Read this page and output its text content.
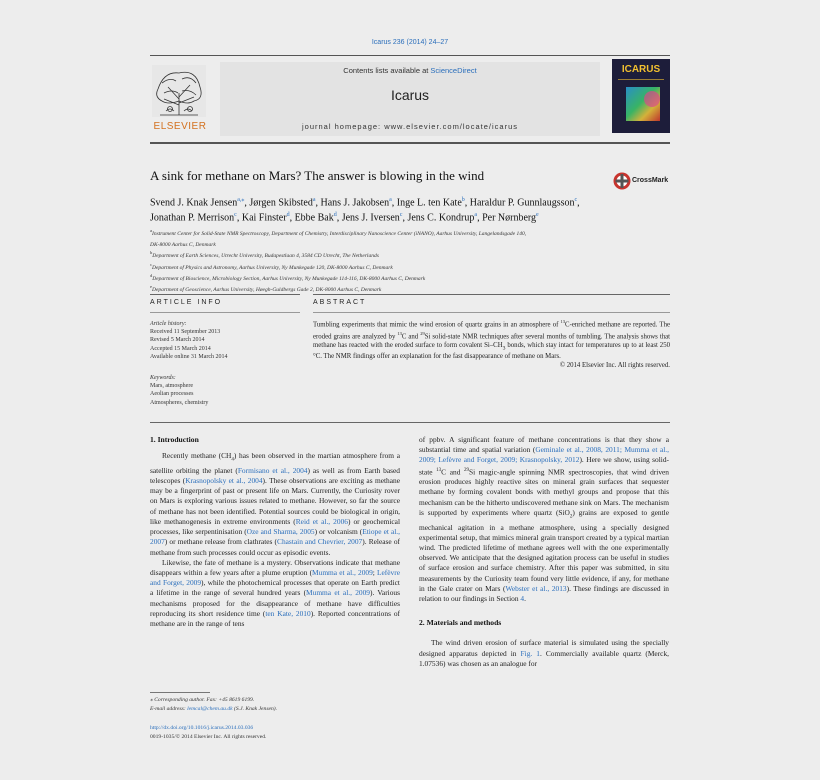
Icarus 236 (2014) 24–27
ELSEVIER
Contents lists available at ScienceDirect
Icarus
journal homepage: www.elsevier.com/locate/icarus
ICARUS
A sink for methane on Mars? The answer is blowing in the wind	CrossMark
Svend J. Knak Jensen$^{a,⁎}$, Jørgen Skibsted$^a$, Hans J. Jakobsen$^a$, Inge L. ten Kate$^b$, Haraldur P. Gunnlaugsson$^c$,
Jonathan P. Merrison$^c$, Kai Finster$^d$, Ebbe Bak$^d$, Jens J. Iversen$^c$, Jens C. Kondrup$^a$, Per Nørnberg$^e$
$^a$Instrument Center for Solid-State NMR Spectroscopy, Department of Chemistry, Interdisciplinary Nanoscience Center (iNANO), Aarhus University, Langelandsgade 140,
DK-8000 Aarhus C, Denmark
$^b$Department of Earth Sciences, Utrecht University, Budapestlaan 4, 3584 CD Utrecht, The Netherlands
$^c$Department of Physics and Astronomy, Aarhus University, Ny Munkegade 120, DK-8000 Aarhus C, Denmark
$^d$Department of Bioscience, Microbiology Section, Aarhus University, Ny Munkegade 114-116, DK-8000 Aarhus C, Denmark
$^e$Department of Geoscience, Aarhus University, Høegh-Guldbergs Gade 2, DK-8000 Aarhus C, Denmark
ARTICLE INFO	ABSTRACT
Article history:
Received 11 September 2013
Revised 5 March 2014
Accepted 15 March 2014
Available online 31 March 2014
Keywords:
Mars, atmosphere
Aeolian processes
Atmospheres, chemistry
Tumbling experiments that mimic the wind erosion of quartz grains in an atmosphere of $^{13}$C-enriched methane are reported. The eroded grains are analyzed by $^{13}$C and $^{29}$Si solid-state NMR techniques after several months of tumbling. The analysis shows that methane has reacted with the eroded surface to form covalent $Si-CH_3$ bonds, which stay intact for temperatures up to at least 250 °C. The NMR findings offer an explanation for the fast disappearance of methane on Mars.
© 2014 Elsevier Inc. All rights reserved.
1. Introduction

Recently methane $(CH_4)$ has been observed in the martian atmosphere from a satellite orbiting the planet (Formisano et al., 2004) as well as from Earth based telescopes (Krasnopolsky et al., 2004). These observations are exciting as methane may be a fingerprint of past or present life on Mars. Currently, the Curiosity rover on Mars is exploring various issues related to methane. However, so far the source of methane has not been identified. Potential sources could be biological in origin, like methanogenesis in extreme environments (Reid et al., 2006) or geochemical processes, like serpentinisation (Oze and Sharma, 2005) or volcanism (Etiope et al., 2007) or methane release from clathrates (Chastain and Chevrier, 2007). Release of methane from such processes could occur as episodic events.

Likewise, the fate of methane is a mystery. Observations indicate that methane disappears within a few years after a plume eruption (Mumma et al., 2009; Lefèvre and Forget, 2009), while the photochemical processes that operate on Earth predict a lifetime in the range of several hundred years (Mumma et al., 2009). Various mechanisms proposed for the disappearance of methane have difficulties reproducing its short residence time (ten Kate, 2010). Reported concentrations of methane are in the range of tens

⁎ Corresponding author. Fax: +45 8619 6199.
E-mail address: lemcal@chem.au.dk (S.J. Knak Jensen).
http://dx.doi.org/10.1016/j.icarus.2014.03.036
0019-1035/© 2014 Elsevier Inc. All rights reserved.

of ppbv. A significant feature of methane concentrations is that they show a substantial time and spatial variation (Geminale et al., 2008, 2011; Mumma et al., 2009; Lefèvre and Forget, 2009; Krasnopolsky, 2012). Here we show, using solid-state $^{13}$C and $^{29}$Si magic-angle spinning NMR spectroscopies, that wind driven erosion produces highly reactive sites on mineral grain surfaces that sequester methane by forming covalent bonds with methyl groups and propose that this mechanism can be the hitherto undiscovered methane sink on Mars. The mechanism is supported by experiments where quartz (SiO$_2$) grains are exposed to gentle mechanical agitation in a methane atmosphere, using a specially designed experimental setup, that mimics mineral grain transport created by a typical martian wind. The predicted lifetime of methane agrees well with the one experimentally observed. We anticipate that the designed agitation process can be useful in studies of surface erosion and surface chemistry. After this paper was submitted, in situ measurements by the Curiosity team found very little evidence, if any, for methane in the Gale crater on Mars (Webster et al., 2013). These findings are discussed in relation to our findings in Section 4.

2. Materials and methods

The wind driven erosion of surface material is simulated using the specially designed apparatus depicted in Fig. 1. Commercially available quartz (Merck, 1.07536) was chosen as an analogue for
